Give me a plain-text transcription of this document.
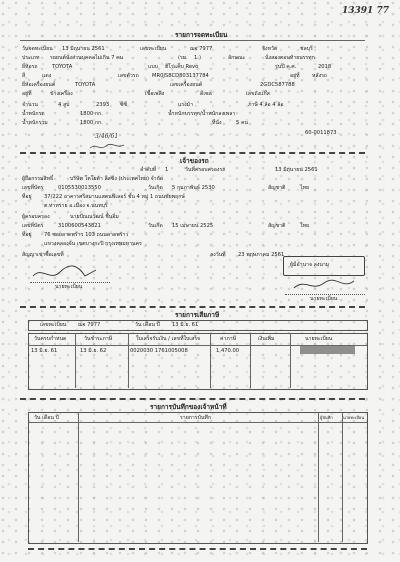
13391 77
รายการจดทะเบียน
วันจดทะเบียน 13 มิถุนายน 2561	เลขทะเบียน	ฌจ 7977	จังหวัด	ชลบุรี
ประเภท รถยนต์นั่งส่วนบุคคลไม่เกิน 7 คน	(รย. 1 )	ลักษณะ	นั่งสองตอนท้ายบรรทุก
ยี่ห้อรถ	TOYOTA	แบบ ฮีโร่แค็บ Revo	รุ่นปี ค.ศ.	2018
สี	แดง	เลขตัวรถ	MR0JS8CD803137784	อยู่ที่ หลังรถ
ยี่ห้อเครื่องยนต์	TOYOTA	เลขเครื่องยนต์	2GDC587788
อยู่ที่	ข้างเครื่อง	เชื้อเพลิง	ดีเซล	เลขถังแก๊ส
จำนวน	4 สูบ	2393 ซีซี	แรงม้า	ภาษี 4 ล้อ 4 ล้อ
น้ำหนักรถ	1800 กก.	น้ำหนักบรรทุก/น้ำหนักลงเพลา
น้ำหนักรวม	1800 กก.	ที่นั่ง	5 คน
60-0011873 .
3/46/61
เจ้าของรถ
ลำดับที่ 1	วันที่ครอบครองรถ	13 มิถุนายน 2561
ผู้ถือกรรมสิทธิ์	บริษัท โตโยต้า ลีสซิ่ง (ประเทศไทย) จำกัด
เลขที่บัตร	0105530013550	วันเกิด 5 กุมภาพันธ์ 2530	สัญชาติ	ไทย
ที่อยู่ 37/222 อาคารศรีสมานแสตนฟีเลอร์ ชั้น 4 หมู่ 1 ถนนชัยพฤกษ์
ต.ท่าทราย อ.เมือง จ.นนทบุรี
ผู้ครอบครอง	นายปัณณวัฒน์ ชื่นอิ่ม
เลขที่บัตร	3100600543821	วันเกิด 15 เมษายน 2525	สัญชาติ	ไทย
ที่อยู่ 76 ซอยลาดพร้าว 103 ถนนลาดพร้าว
แขวงคลองจั่น เขตบางกะปิ กรุงเทพมหานคร
สัญญาเช่าซื้อเลขที่	ลงวันที่ 23 พฤษภาคม 2561
นายทะเบียน
ผู้มีอำนาจ ลงนาม
นายทะเบียน
รายการเสียภาษี
เลขทะเบียน ฌจ 7977	วัน เดือน ปี 13 มิ.ย. 61
วันครบกำหนด	วันชำระภาษี	ใบเสร็จรับเงิน / เลขที่ใบเสร็จ	ค่าภาษี	เงินเพิ่ม	นายทะเบียน
13 มิ.ย. 61	13 มิ.ย. 62	0020030 1761005008	1,470.00
รายการบันทึกของเจ้าหน้าที่
วัน เดือน ปี	รายการบันทึก	ผู้บันทึก	นายทะเบียน
